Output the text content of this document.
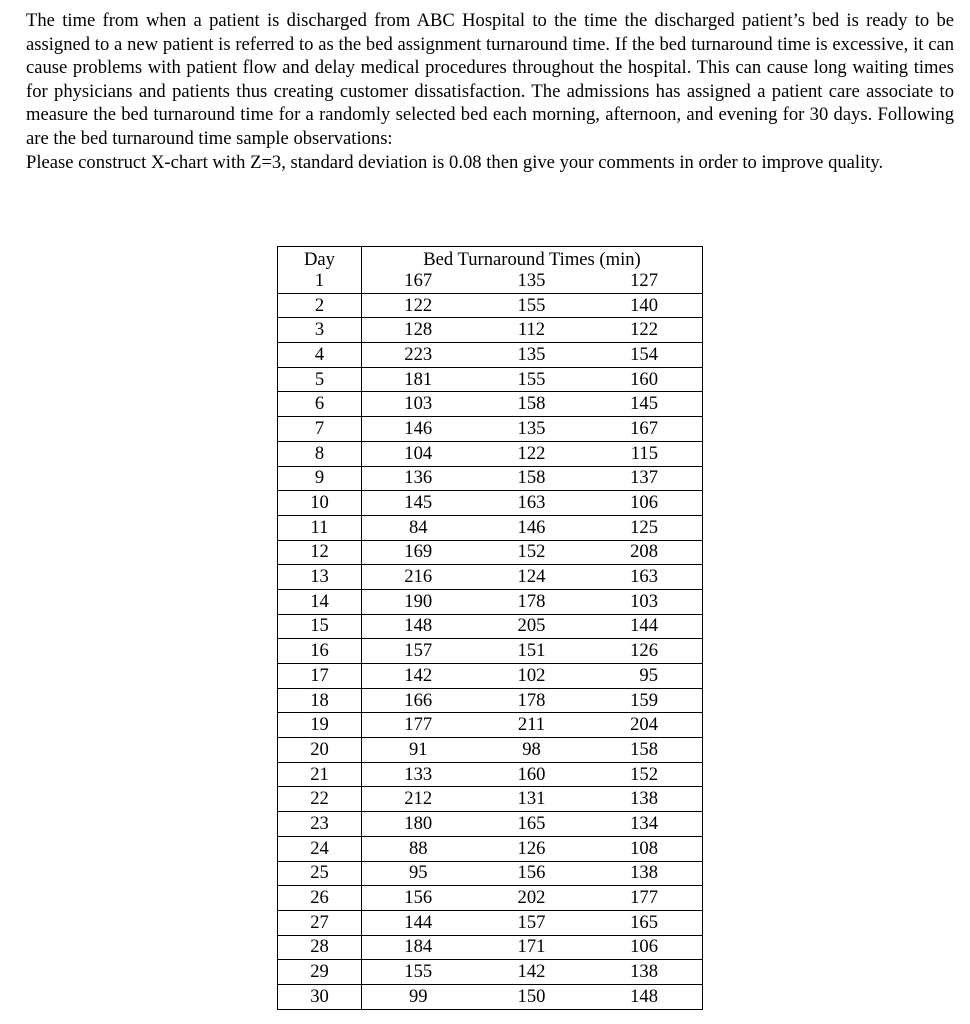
The time from when a patient is discharged from ABC Hospital to the time the discharged patient’s bed is ready to be assigned to a new patient is referred to as the bed assignment turnaround time. If the bed turnaround time is excessive, it can cause problems with patient flow and delay medical procedures throughout the hospital. This can cause long waiting times for physicians and patients thus creating customer dissatisfaction. The admissions has assigned a patient care associate to measure the bed turnaround time for a randomly selected bed each morning, afternoon, and evening for 30 days. Following are the bed turnaround time sample observations:

Please construct X-chart with Z=3, standard deviation is 0.08 then give your comments in order to improve quality.

Day	Bed Turnaround Times (min)		
1	167	135	127
2	122	155	140
3	128	112	122
4	223	135	154
5	181	155	160
6	103	158	145
7	146	135	167
8	104	122	115
9	136	158	137
10	145	163	106
11	84	146	125
12	169	152	208
13	216	124	163
14	190	178	103
15	148	205	144
16	157	151	126
17	142	102	95
18	166	178	159
19	177	211	204
20	91	98	158
21	133	160	152
22	212	131	138
23	180	165	134
24	88	126	108
25	95	156	138
26	156	202	177
27	144	157	165
28	184	171	106
29	155	142	138
30	99	150	148
